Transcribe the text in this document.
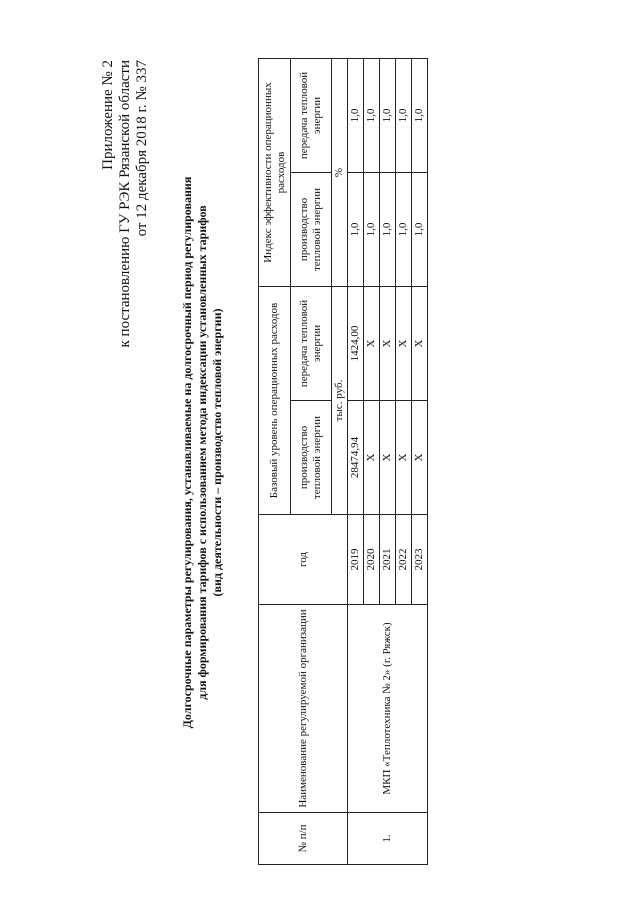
Приложение № 2 к постановлению ГУ РЭК Рязанской области от 12 декабря 2018 г. № 337
Долгосрочные параметры регулирования, устанавливаемые на долгосрочный период регулирования для формирования тарифов с использованием метода индексации установленных тарифов (вид деятельности – производство тепловой энергии)
№ п/п	Наименование регулируемой организации	год	Базовый уровень операционных расходов		Индекс эффективности операционных расходов	
			производство тепловой энергии	передача тепловой энергии	производство тепловой энергии	передача тепловой энергии
			тыс. руб.		%	
1.	МКП «Теплотехника № 2» (г. Ряжск)	2019	28474,94	1424,00	1,0	1,0
		2020	Х	Х	1,0	1,0
		2021	Х	Х	1,0	1,0
		2022	Х	Х	1,0	1,0
		2023	Х	Х	1,0	1,0
